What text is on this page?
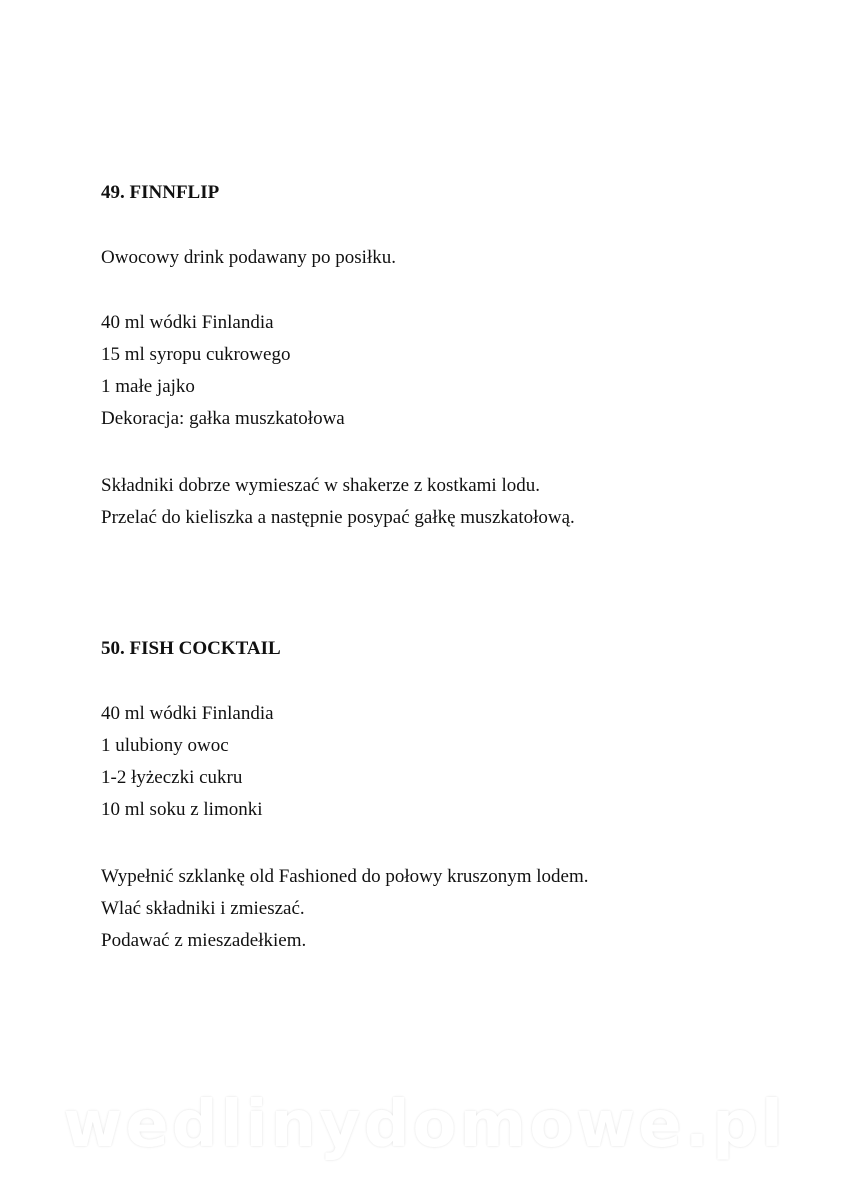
49. FINNFLIP
Owocowy drink podawany po posiłku.
40 ml wódki Finlandia
15 ml syropu cukrowego
1 małe jajko
Dekoracja: gałka muszkatołowa
Składniki dobrze wymieszać w shakerze z kostkami lodu.
Przelać do kieliszka a następnie posypać gałkę muszkatołową.
50. FISH COCKTAIL
40 ml wódki Finlandia
1 ulubiony owoc
1-2 łyżeczki cukru
10 ml soku z limonki
Wypełnić szklankę old Fashioned do połowy kruszonym lodem.
Wlać składniki i zmieszać.
Podawać z mieszadełkiem.
wedlinydomowe.pl
